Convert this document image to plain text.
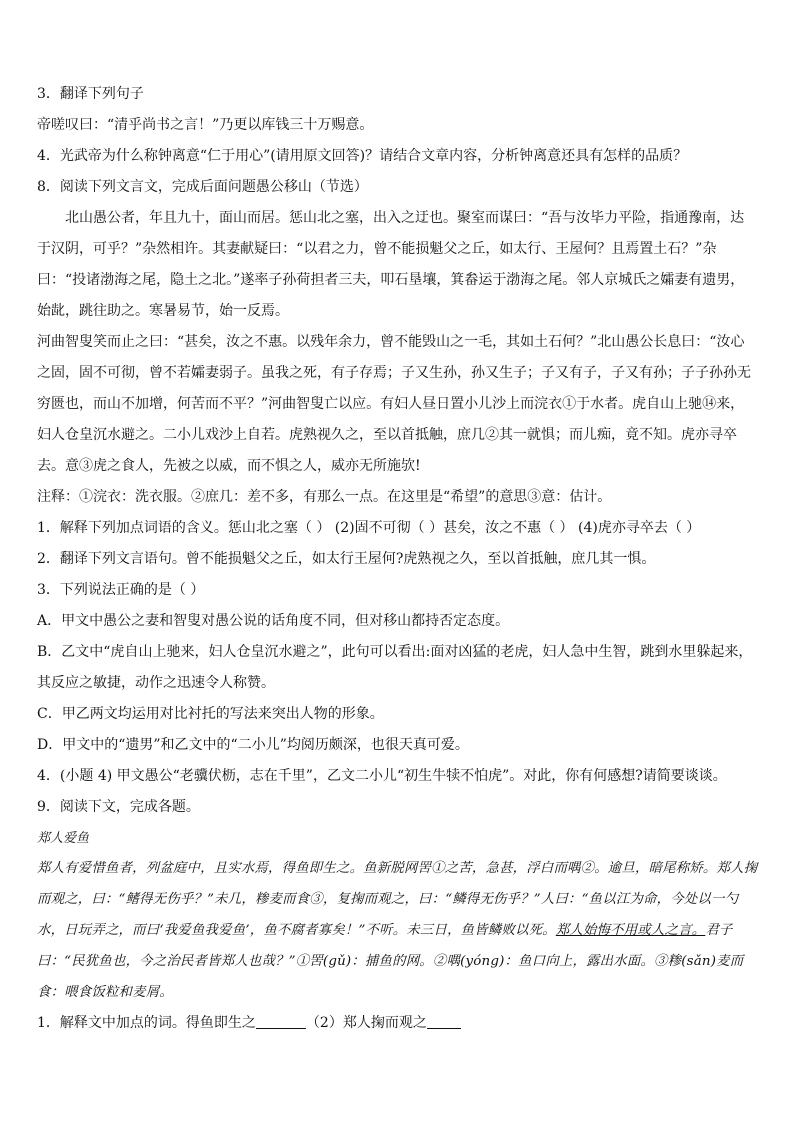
3．翻译下列句子

帝嗟叹曰：“清乎尚书之言！”乃更以库钱三十万赐意。

4．光武帝为什么称钟离意“仁于用心”(请用原文回答)？请结合文章内容，分析钟离意还具有怎样的品质？

8．阅读下列文言文，完成后面问题愚公移山（节选）

北山愚公者，年且九十，面山而居。惩山北之塞，出入之迂也。聚室而谋曰：“吾与汝毕力平险，指通豫南，达于汉阴，可乎？”杂然相许。其妻献疑曰：“以君之力，曾不能损魁父之丘，如太行、王屋何？且焉置土石？”杂曰：“投诸渤海之尾，隐土之北。”遂率子孙荷担者三夫，叩石垦壤，箕畚运于渤海之尾。邻人京城氏之孀妻有遗男，始龀，跳往助之。寒暑易节，始一反焉。

河曲智叟笑而止之曰：“甚矣，汝之不惠。以残年余力，曾不能毁山之一毛，其如土石何？”北山愚公长息曰：“汝心之固，固不可彻，曾不若孀妻弱子。虽我之死，有子存焉；子又生孙，孙又生子；子又有子，子又有孙；子子孙孙无穷匮也，而山不加增，何苦而不平？”河曲智叟亡以应。有妇人昼日置小儿沙上而浣衣①于水者。虎自山上驰⑭来，妇人仓皇沉水避之。二小儿戏沙上自若。虎熟视久之，至以首抵触，庶几②其一就惧；而儿痴，竟不知。虎亦寻卒去。意③虎之食人，先被之以威，而不惧之人，威亦无所施欤!

注释：①浣衣：洗衣服。②庶几：差不多，有那么一点。在这里是“希望”的意思③意：估计。

1．解释下列加点词语的含义。惩山北之塞（ ） (2)固不可彻（ ）甚矣，汝之不惠（ ） (4)虎亦寻卒去（ ）

2．翻译下列文言语句。曾不能损魁父之丘，如太行王屋何?虎熟视之久，至以首抵触，庶几其一惧。

3．下列说法正确的是（ ）

A．甲文中愚公之妻和智叟对愚公说的话角度不同，但对移山都持否定态度。

B．乙文中“虎自山上驰来，妇人仓皇沉水避之”，此句可以看出:面对凶猛的老虎，妇人急中生智，跳到水里躲起来，其反应之敏捷，动作之迅速令人称赞。

C．甲乙两文均运用对比衬托的写法来突出人物的形象。

D．甲文中的“遗男”和乙文中的“二小儿”均阅历颇深，也很天真可爱。

4．(小题 4) 甲文愚公“老骥伏枥，志在千里”，乙文二小儿“初生牛犊不怕虎”。对此，你有何感想?请简要谈谈。

9．阅读下文，完成各题。

郑人爱鱼

郑人有爱惜鱼者，列盆庭中，且实水焉，得鱼即生之。鱼新脱网罟①之苦，急甚，浮白而喁②。逾旦，暗尾称矫。郑人掬而观之，曰：“鳍得无伤乎？”未几，糁麦而食③，复掬而观之，曰：“鳞得无伤乎？”人曰：“鱼以江为命，今处以一勺水，日玩弄之，而曰‘我爱鱼我爱鱼’，鱼不腐者寡矣！”不听。未三日，鱼皆鳞败以死。郑人始悔不用或人之言。君子曰：“民犹鱼也，今之治民者皆郑人也哉？”①罟(gǔ)：捕鱼的网。②喁(yóng)：鱼口向上，露出水面。③糁(sǎn)麦而食：喂食饭粒和麦屑。

1．解释文中加点的词。得鱼即生之	（2）郑人掬而观之
